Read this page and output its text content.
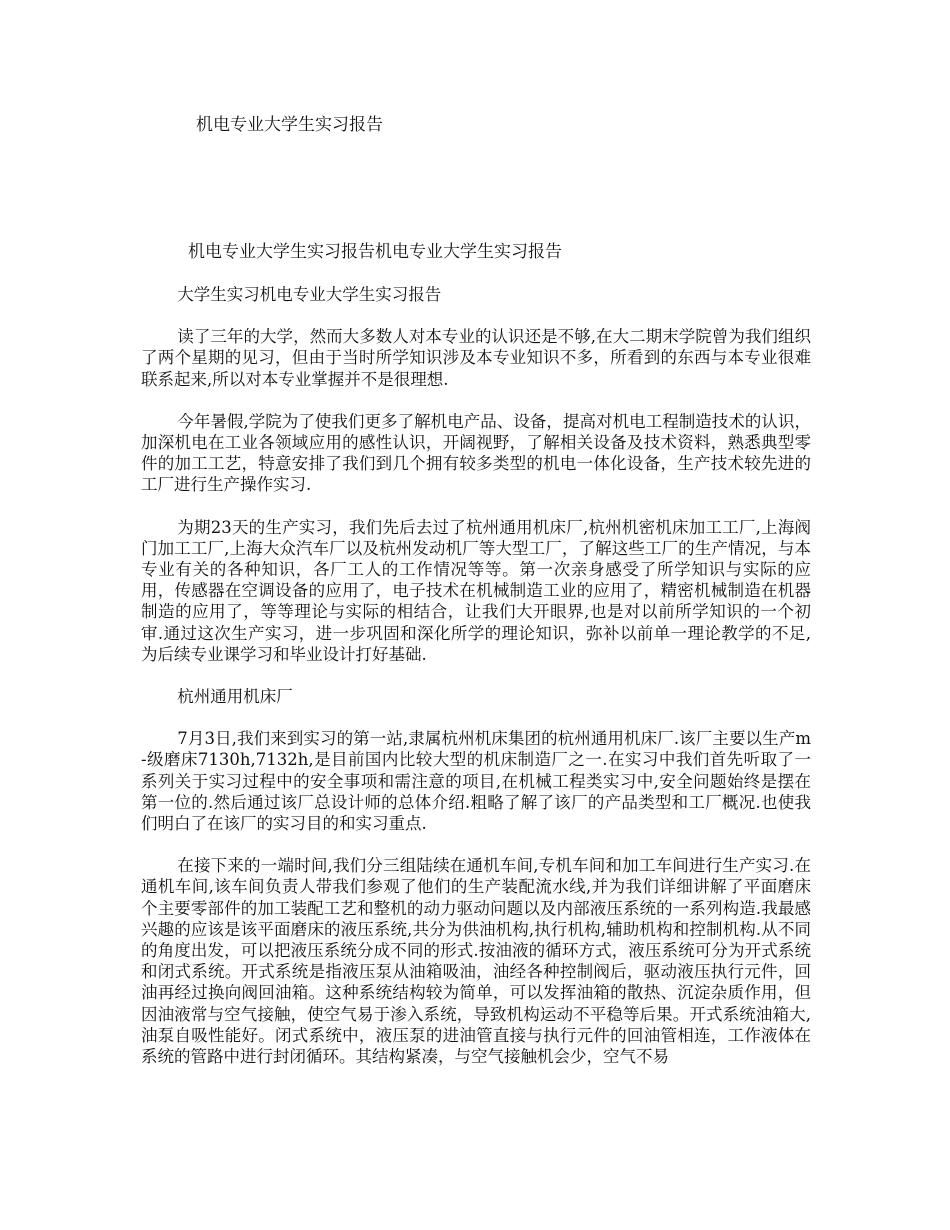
机电专业大学生实习报告

机电专业大学生实习报告机电专业大学生实习报告

大学生实习机电专业大学生实习报告

读了三年的大学，然而大多数人对本专业的认识还是不够,在大二期末学院曾为我们组织了两个星期的见习，但由于当时所学知识涉及本专业知识不多，所看到的东西与本专业很难联系起来,所以对本专业掌握并不是很理想.

今年暑假,学院为了使我们更多了解机电产品、设备，提高对机电工程制造技术的认识，加深机电在工业各领域应用的感性认识，开阔视野，了解相关设备及技术资料，熟悉典型零件的加工工艺，特意安排了我们到几个拥有较多类型的机电一体化设备，生产技术较先进的工厂进行生产操作实习.

为期23天的生产实习，我们先后去过了杭州通用机床厂,杭州机密机床加工工厂,上海阀门加工工厂,上海大众汽车厂以及杭州发动机厂等大型工厂，了解这些工厂的生产情况，与本专业有关的各种知识，各厂工人的工作情况等等。第一次亲身感受了所学知识与实际的应用，传感器在空调设备的应用了，电子技术在机械制造工业的应用了，精密机械制造在机器制造的应用了，等等理论与实际的相结合，让我们大开眼界,也是对以前所学知识的一个初审.通过这次生产实习，进一步巩固和深化所学的理论知识，弥补以前单一理论教学的不足,为后续专业课学习和毕业设计打好基础.

杭州通用机床厂

7月3日,我们来到实习的第一站,隶属杭州机床集团的杭州通用机床厂.该厂主要以生产m-级磨床7130h,7132h,是目前国内比较大型的机床制造厂之一.在实习中我们首先听取了一系列关于实习过程中的安全事项和需注意的项目,在机械工程类实习中,安全问题始终是摆在第一位的.然后通过该厂总设计师的总体介绍.粗略了解了该厂的产品类型和工厂概况.也使我们明白了在该厂的实习目的和实习重点.

在接下来的一端时间,我们分三组陆续在通机车间,专机车间和加工车间进行生产实习.在通机车间,该车间负责人带我们参观了他们的生产装配流水线,并为我们详细讲解了平面磨床个主要零部件的加工装配工艺和整机的动力驱动问题以及内部液压系统的一系列构造.我最感兴趣的应该是该平面磨床的液压系统,共分为供油机构,执行机构,辅助机构和控制机构.从不同的角度出发，可以把液压系统分成不同的形式.按油液的循环方式，液压系统可分为开式系统和闭式系统。开式系统是指液压泵从油箱吸油，油经各种控制阀后，驱动液压执行元件，回油再经过换向阀回油箱。这种系统结构较为简单，可以发挥油箱的散热、沉淀杂质作用，但因油液常与空气接触，使空气易于渗入系统，导致机构运动不平稳等后果。开式系统油箱大,油泵自吸性能好。闭式系统中，液压泵的进油管直接与执行元件的回油管相连，工作液体在系统的管路中进行封闭循环。其结构紧凑，与空气接触机会少，空气不易
